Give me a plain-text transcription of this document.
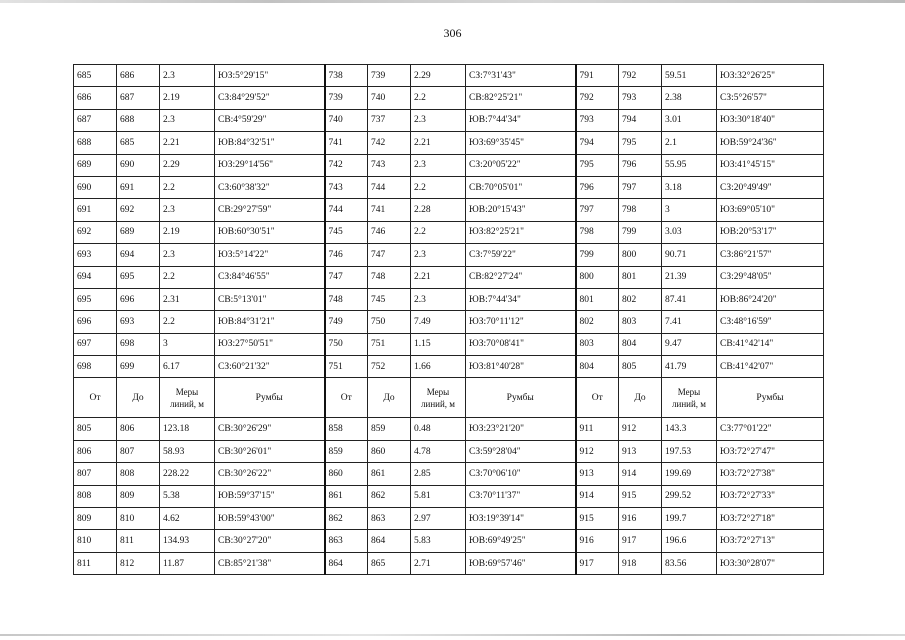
306
685	686	2.3	ЮЗ:5°29'15"	738	739	2.29	СЗ:7°31'43"	791	792	59.51	ЮЗ:32°26'25"
686	687	2.19	СЗ:84°29'52"	739	740	2.2	СВ:82°25'21"	792	793	2.38	СЗ:5°26'57"
687	688	2.3	СВ:4°59'29"	740	737	2.3	ЮВ:7°44'34"	793	794	3.01	ЮЗ:30°18'40"
688	685	2.21	ЮВ:84°32'51"	741	742	2.21	ЮЗ:69°35'45"	794	795	2.1	ЮВ:59°24'36"
689	690	2.29	ЮЗ:29°14'56"	742	743	2.3	СЗ:20°05'22"	795	796	55.95	ЮЗ:41°45'15"
690	691	2.2	СЗ:60°38'32"	743	744	2.2	СВ:70°05'01"	796	797	3.18	СЗ:20°49'49"
691	692	2.3	СВ:29°27'59"	744	741	2.28	ЮВ:20°15'43"	797	798	3	ЮЗ:69°05'10"
692	689	2.19	ЮВ:60°30'51"	745	746	2.2	ЮЗ:82°25'21"	798	799	3.03	ЮВ:20°53'17"
693	694	2.3	ЮЗ:5°14'22"	746	747	2.3	СЗ:7°59'22"	799	800	90.71	СЗ:86°21'57"
694	695	2.2	СЗ:84°46'55"	747	748	2.21	СВ:82°27'24"	800	801	21.39	СЗ:29°48'05"
695	696	2.31	СВ:5°13'01"	748	745	2.3	ЮВ:7°44'34"	801	802	87.41	ЮВ:86°24'20"
696	693	2.2	ЮВ:84°31'21"	749	750	7.49	ЮЗ:70°11'12"	802	803	7.41	СЗ:48°16'59"
697	698	3	ЮЗ:27°50'51"	750	751	1.15	ЮЗ:70°08'41"	803	804	9.47	СВ:41°42'14"
698	699	6.17	СЗ:60°21'32"	751	752	1.66	ЮЗ:81°40'28"	804	805	41.79	СВ:41°42'07"
От	До	Меры линий, м	Румбы	От	До	Меры линий, м	Румбы	От	До	Меры линий, м	Румбы
805	806	123.18	СВ:30°26'29"	858	859	0.48	ЮЗ:23°21'20"	911	912	143.3	СЗ:77°01'22"
806	807	58.93	СВ:30°26'01"	859	860	4.78	СЗ:59°28'04"	912	913	197.53	ЮЗ:72°27'47"
807	808	228.22	СВ:30°26'22"	860	861	2.85	СЗ:70°06'10"	913	914	199.69	ЮЗ:72°27'38"
808	809	5.38	ЮВ:59°37'15"	861	862	5.81	СЗ:70°11'37"	914	915	299.52	ЮЗ:72°27'33"
809	810	4.62	ЮВ:59°43'00"	862	863	2.97	ЮЗ:19°39'14"	915	916	199.7	ЮЗ:72°27'18"
810	811	134.93	СВ:30°27'20"	863	864	5.83	ЮВ:69°49'25"	916	917	196.6	ЮЗ:72°27'13"
811	812	11.87	СВ:85°21'38"	864	865	2.71	ЮВ:69°57'46"	917	918	83.56	ЮЗ:30°28'07"
